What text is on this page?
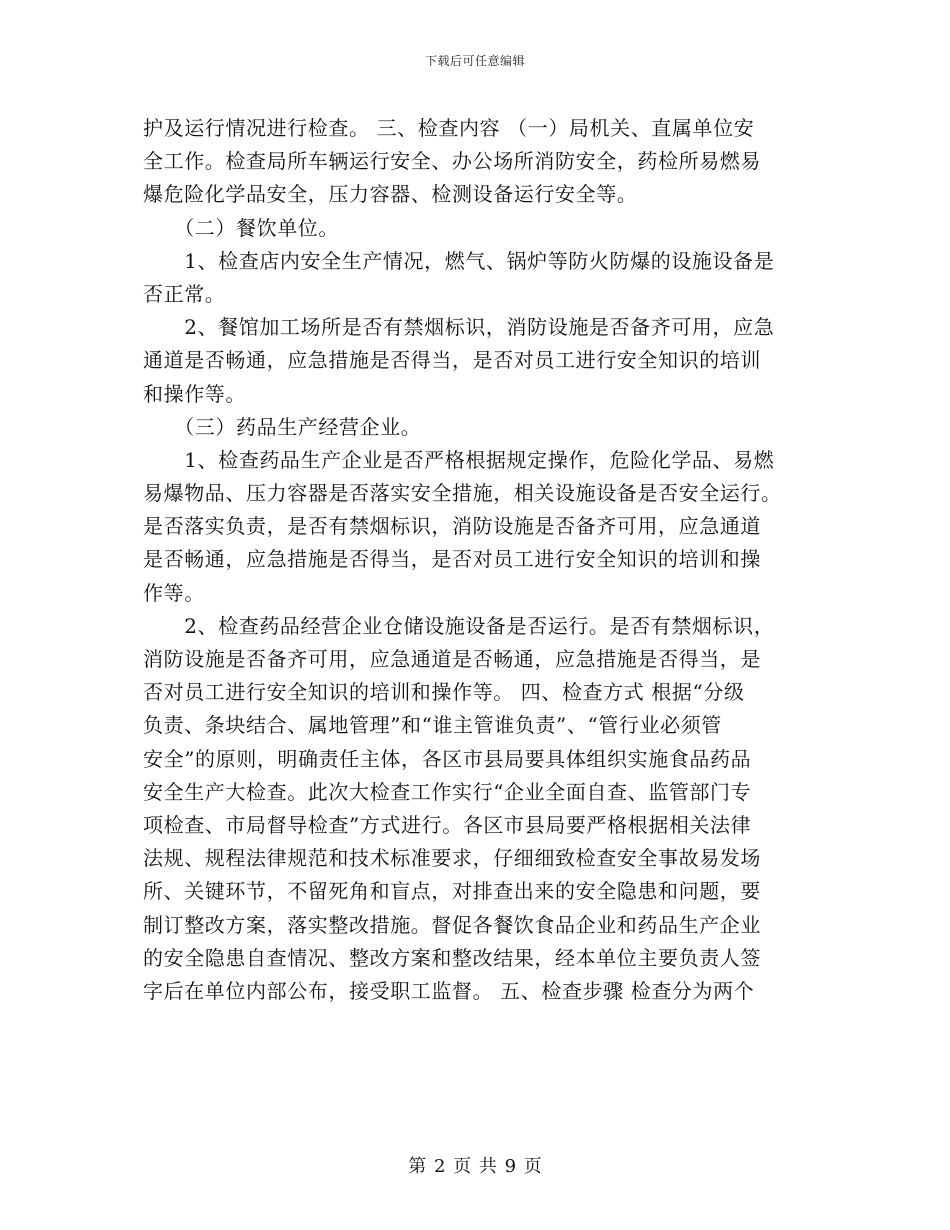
下载后可任意编辑
护及运行情况进行检查。 三、检查内容 （一）局机关、直属单位安
全工作。检查局所车辆运行安全、办公场所消防安全，药检所易燃易
爆危险化学品安全，压力容器、检测设备运行安全等。
　　（二）餐饮单位。
　　1、检查店内安全生产情况，燃气、锅炉等防火防爆的设施设备是
否正常。
　　2、餐馆加工场所是否有禁烟标识，消防设施是否备齐可用，应急
通道是否畅通，应急措施是否得当，是否对员工进行安全知识的培训
和操作等。
　　（三）药品生产经营企业。
　　1、检查药品生产企业是否严格根据规定操作，危险化学品、易燃
易爆物品、压力容器是否落实安全措施，相关设施设备是否安全运行。
是否落实负责，是否有禁烟标识，消防设施是否备齐可用，应急通道
是否畅通，应急措施是否得当，是否对员工进行安全知识的培训和操
作等。
　　2、检查药品经营企业仓储设施设备是否运行。是否有禁烟标识，
消防设施是否备齐可用，应急通道是否畅通，应急措施是否得当，是
否对员工进行安全知识的培训和操作等。 四、检查方式 根据“分级
负责、条块结合、属地管理”和“谁主管谁负责”、“管行业必须管
安全”的原则，明确责任主体，各区市县局要具体组织实施食品药品
安全生产大检查。此次大检查工作实行“企业全面自查、监管部门专
项检查、市局督导检查”方式进行。各区市县局要严格根据相关法律
法规、规程法律规范和技术标准要求，仔细细致检查安全事故易发场
所、关键环节，不留死角和盲点，对排查出来的安全隐患和问题，要
制订整改方案，落实整改措施。督促各餐饮食品企业和药品生产企业
的安全隐患自查情况、整改方案和整改结果，经本单位主要负责人签
字后在单位内部公布，接受职工监督。 五、检查步骤 检查分为两个
第 2 页 共 9 页
